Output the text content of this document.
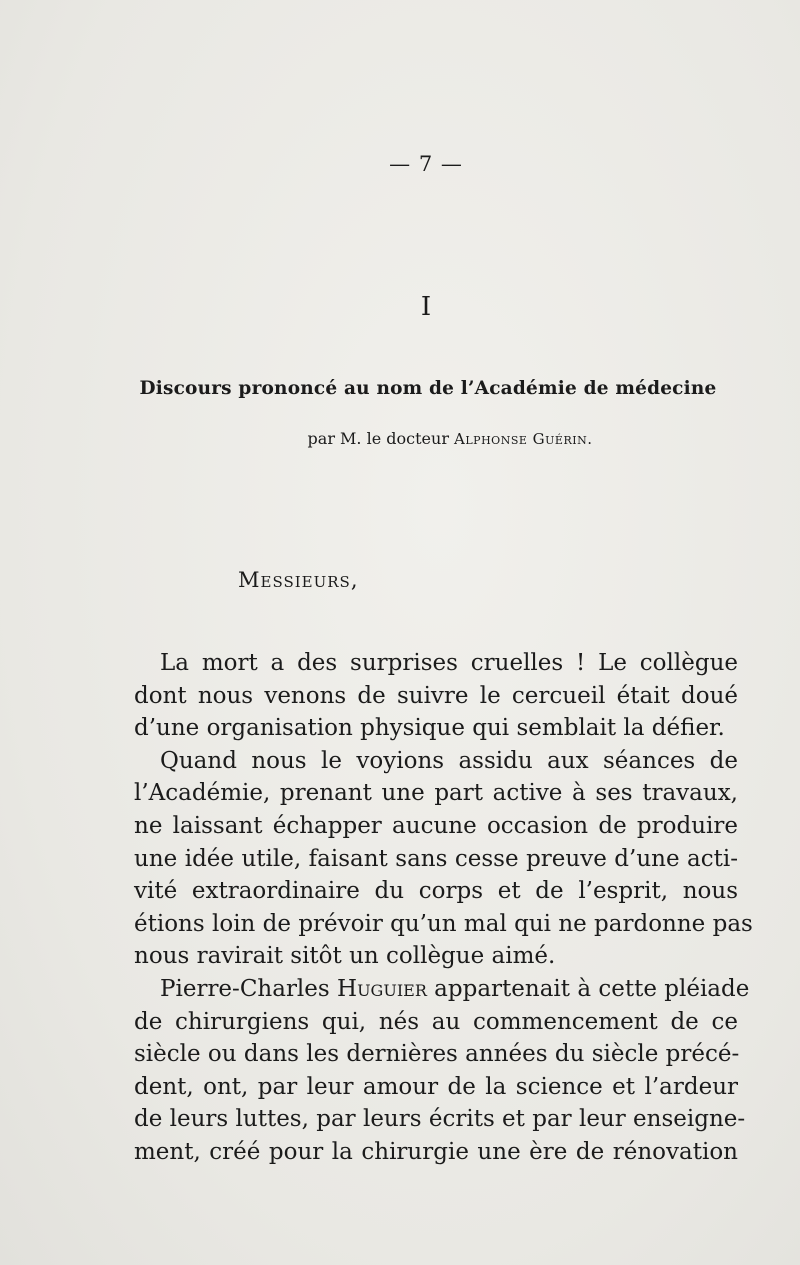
— 7 —
I
Discours prononcé au nom de l’Académie de médecine
par M. le docteur Alphonse Guérin.
Messieurs,
La mort a des surprises cruelles ! Le collègue
dont nous venons de suivre le cercueil était doué
d’une organisation physique qui semblait la défier.
Quand nous le voyions assidu aux séances de
l’Académie, prenant une part active à ses travaux,
ne laissant échapper aucune occasion de produire
une idée utile, faisant sans cesse preuve d’une acti-
vité extraordinaire du corps et de l’esprit, nous
étions loin de prévoir qu’un mal qui ne pardonne pas
nous ravirait sitôt un collègue aimé.
Pierre-Charles Huguier appartenait à cette pléiade
de chirurgiens qui, nés au commencement de ce
siècle ou dans les dernières années du siècle précé-
dent, ont, par leur amour de la science et l’ardeur
de leurs luttes, par leurs écrits et par leur enseigne-
ment, créé pour la chirurgie une ère de rénovation
